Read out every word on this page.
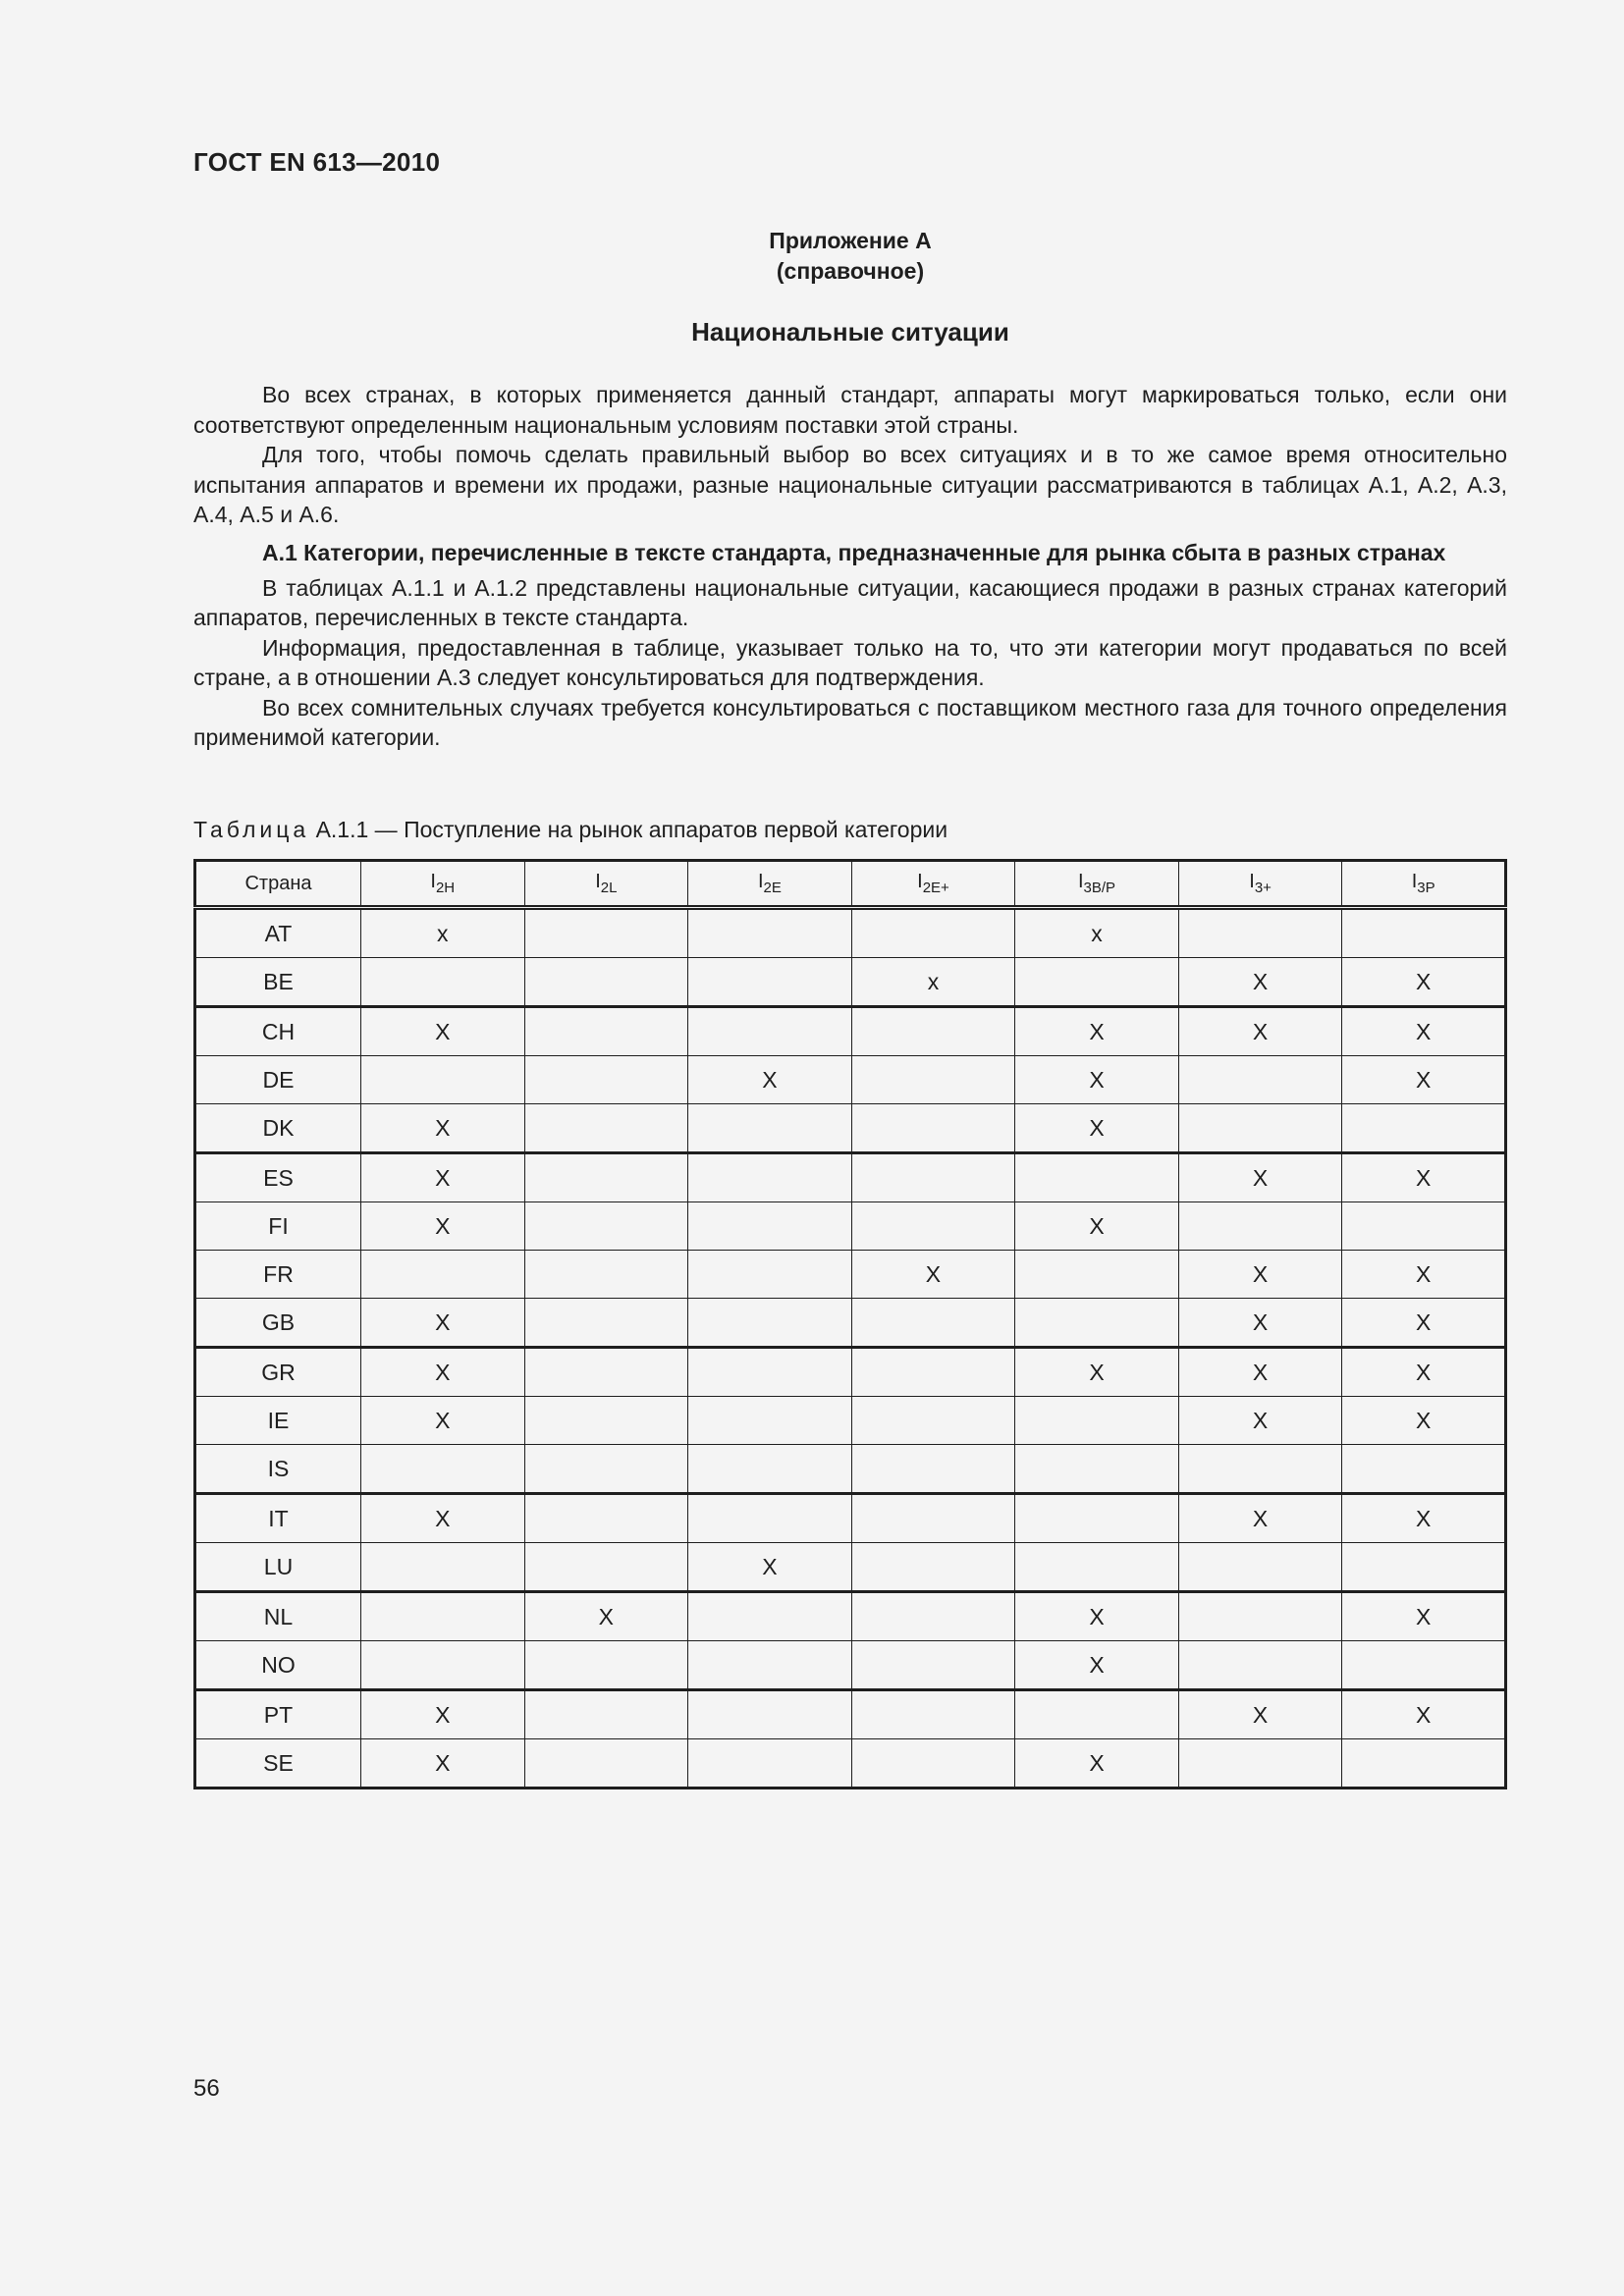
ГОСТ EN 613—2010
Приложение А
(справочное)
Национальные ситуации

Во всех странах, в которых применяется данный стандарт, аппараты могут маркироваться только, если они соответствуют определенным национальным условиям поставки этой страны.

Для того, чтобы помочь сделать правильный выбор во всех ситуациях и в то же самое время относительно испытания аппаратов и времени их продажи, разные национальные ситуации рассматриваются в таблицах А.1, А.2, А.3, А.4, А.5 и А.6.

А.1 Категории, перечисленные в тексте стандарта, предназначенные для рынка сбыта в разных странах

В таблицах А.1.1 и А.1.2 представлены национальные ситуации, касающиеся продажи в разных странах категорий аппаратов, перечисленных в тексте стандарта.

Информация, предоставленная в таблице, указывает только на то, что эти категории могут продаваться по всей стране, а в отношении А.3 следует консультироваться для подтверждения.

Во всех сомнительных случаях требуется консультироваться с поставщиком местного газа для точного определения применимой категории.

Таблица А.1.1 — Поступление на рынок аппаратов первой категории
Страна	$I_{2H}$	$I_{2L}$	$I_{2E}$	$I_{2E+}$	$I_{3B/P}$	$I_{3+}$	$I_{3P}$
AT	x				x		
BE				x		X	X
CH	X				X	X	X
DE			X		X		X
DK	X				X		
ES	X					X	X
FI	X				X		
FR				X		X	X
GB	X					X	X
GR	X				X	X	X
IE	X					X	X
IS							
IT	X					X	X
LU			X				
NL		X			X		X
NO					X		
PT	X					X	X
SE	X				X		
56
